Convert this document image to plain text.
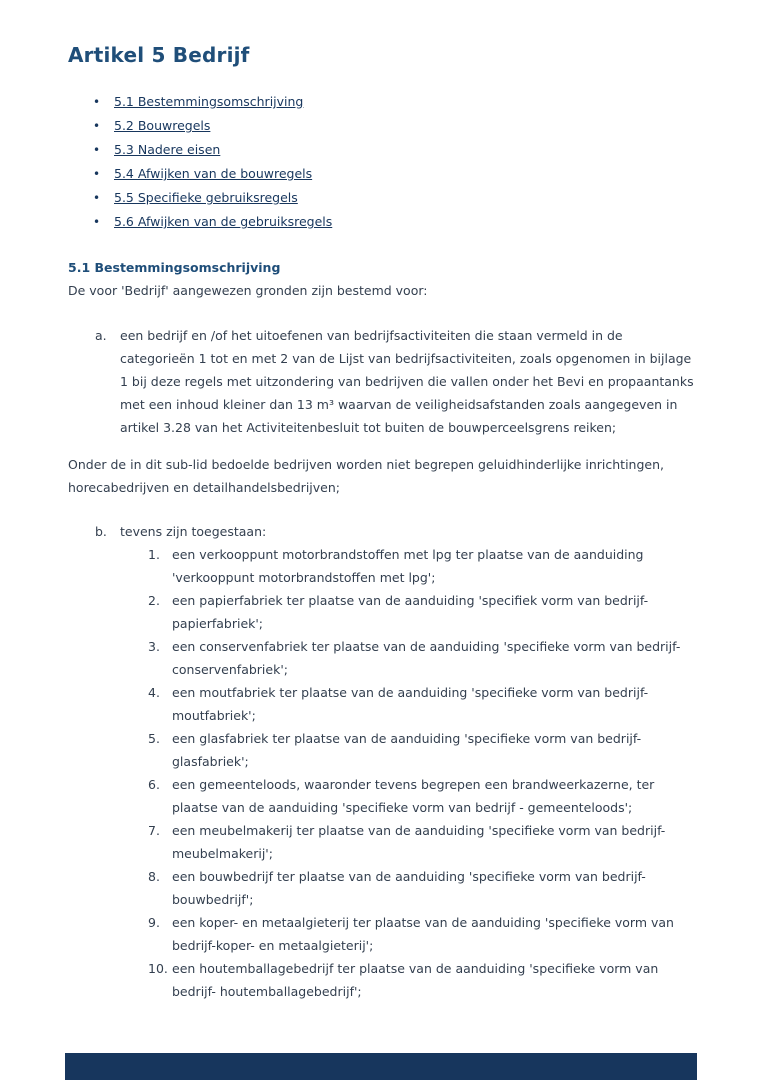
Artikel 5 Bedrijf
•	5.1 Bestemmingsomschrijving
•	5.2 Bouwregels
•	5.3 Nadere eisen
•	5.4 Afwijken van de bouwregels
•	5.5 Specifieke gebruiksregels
•	5.6 Afwijken van de gebruiksregels
5.1 Bestemmingsomschrijving

De voor 'Bedrijf' aangewezen gronden zijn bestemd voor:

a.	een bedrijf en /of het uitoefenen van bedrijfsactiviteiten die staan vermeld in de categorieën 1 tot en met 2 van de Lijst van bedrijfsactiviteiten, zoals opgenomen in bijlage 1 bij deze regels met uitzondering van bedrijven die vallen onder het Bevi en propaantanks met een inhoud kleiner dan 13 m³ waarvan de veiligheidsafstanden zoals aangegeven in artikel 3.28 van het Activiteitenbesluit tot buiten de bouwperceelsgrens reiken;

Onder de in dit sub-lid bedoelde bedrijven worden niet begrepen geluidhinderlijke inrichtingen, horecabedrijven en detailhandelsbedrijven;

b.	tevens zijn toegestaan:
1. een verkooppunt motorbrandstoffen met lpg ter plaatse van de aanduiding 'verkooppunt motorbrandstoffen met lpg';
2. een papierfabriek ter plaatse van de aanduiding 'specifiek vorm van bedrijf-papierfabriek';
3. een conservenfabriek ter plaatse van de aanduiding 'specifieke vorm van bedrijf-conservenfabriek';
4. een moutfabriek ter plaatse van de aanduiding 'specifieke vorm van bedrijf-moutfabriek';
5. een glasfabriek ter plaatse van de aanduiding 'specifieke vorm van bedrijf-glasfabriek';
6. een gemeenteloods, waaronder tevens begrepen een brandweerkazerne, ter plaatse van de aanduiding 'specifieke vorm van bedrijf - gemeenteloods';
7. een meubelmakerij ter plaatse van de aanduiding 'specifieke vorm van bedrijf-meubelmakerij';
8. een bouwbedrijf ter plaatse van de aanduiding 'specifieke vorm van bedrijf-bouwbedrijf';
9. een koper- en metaalgieterij ter plaatse van de aanduiding 'specifieke vorm van bedrijf-koper- en metaalgieterij';
10. een houtemballagebedrijf ter plaatse van de aanduiding 'specifieke vorm van bedrijf- houtemballagebedrijf';
